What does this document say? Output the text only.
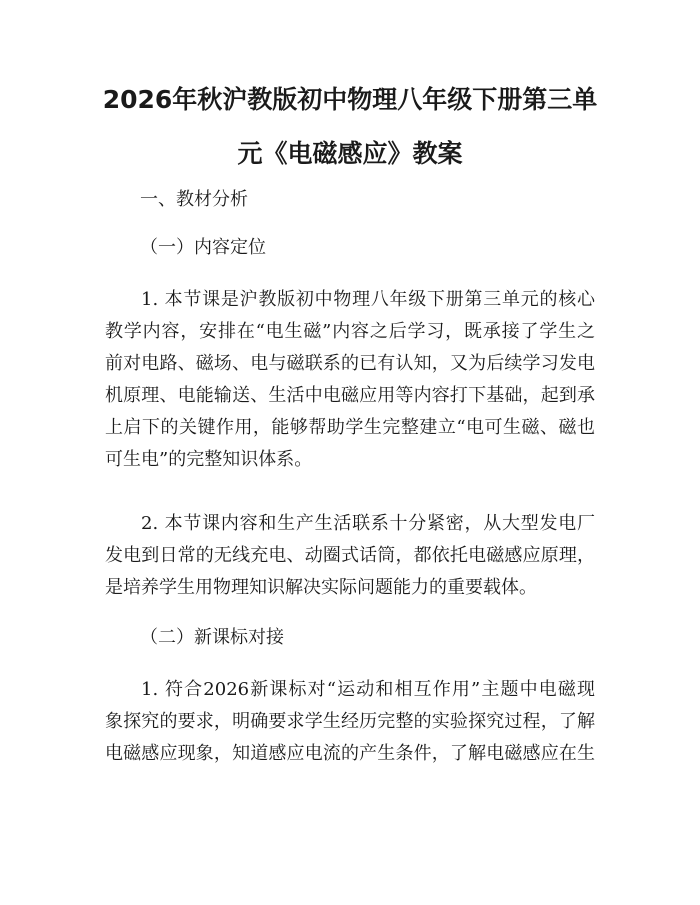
2026年秋沪教版初中物理八年级下册第三单
元《电磁感应》教案

一、教材分析

（一）内容定位

1. 本节课是沪教版初中物理八年级下册第三单元的核心
教学内容，安排在“电生磁”内容之后学习，既承接了学生之
前对电路、磁场、电与磁联系的已有认知，又为后续学习发电
机原理、电能输送、生活中电磁应用等内容打下基础，起到承
上启下的关键作用，能够帮助学生完整建立“电可生磁、磁也
可生电”的完整知识体系。
2. 本节课内容和生产生活联系十分紧密，从大型发电厂
发电到日常的无线充电、动圈式话筒，都依托电磁感应原理，
是培养学生用物理知识解决实际问题能力的重要载体。

（二）新课标对接

1. 符合2026新课标对“运动和相互作用”主题中电磁现
象探究的要求，明确要求学生经历完整的实验探究过程，了解
电磁感应现象，知道感应电流的产生条件，了解电磁感应在生
